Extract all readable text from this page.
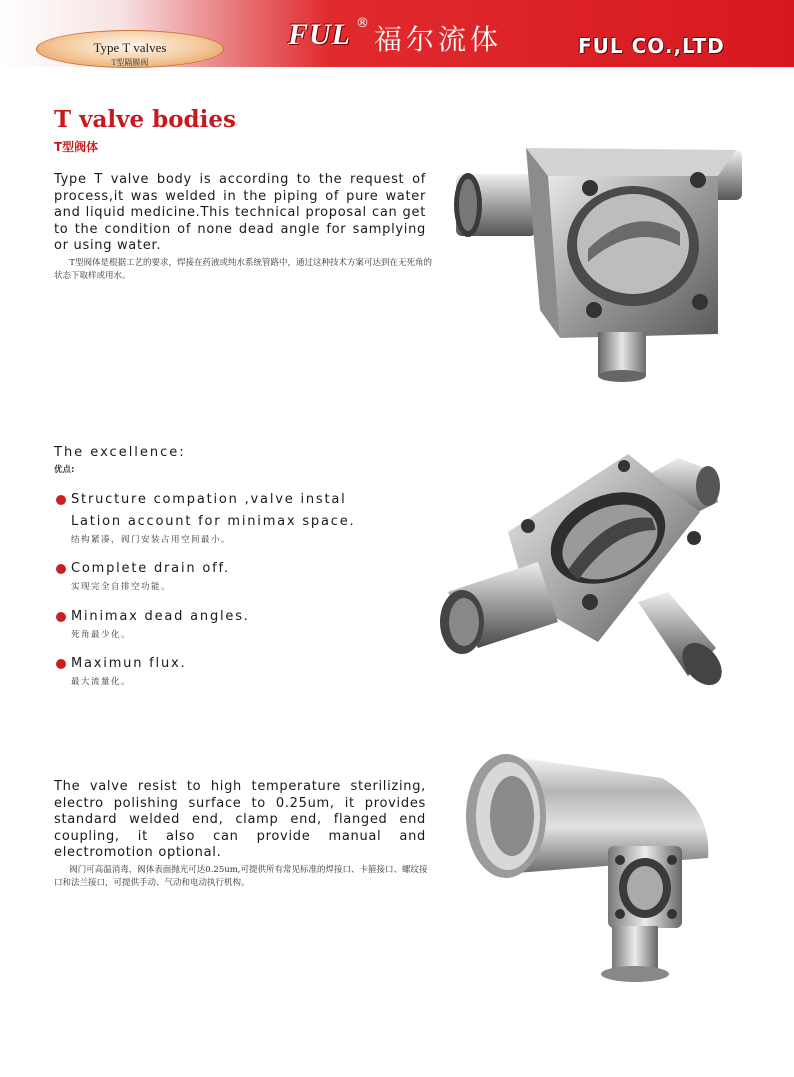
Type T valves
T型隔膜阀
FUL ® 福尔流体	FUL CO.,LTD
T valve bodies
T型阀体
Type T valve body is according to the request of process,it was welded in the piping of pure water and liquid medicine.This technical proposal can get to the condition of none dead angle for samplying or using water.
T型阀体是根据工艺的要求，焊接在药液或纯水系统管路中，通过这种技术方案可达到在无死角的状态下取样或用水。
The excellence:
优点:
Structure compation ,valve instal
Lation account for minimax space.
结构紧凑，阀门安装占用空间最小。
Complete drain off.
实现完全自排空功能。
Minimax dead angles.
死角最少化。
Maximun flux.
最大流量化。
The valve resist to high temperature sterilizing, electro polishing surface to 0.25um, it provides standard welded end, clamp end, flanged end coupling, it also can provide manual and electromotion optional.
阀门可高温消毒，阀体表面抛光可达0.25um,可提供所有常见标准的焊接口、卡箍接口、螺纹接口和法兰接口，可提供手动、气动和电动执行机构。
